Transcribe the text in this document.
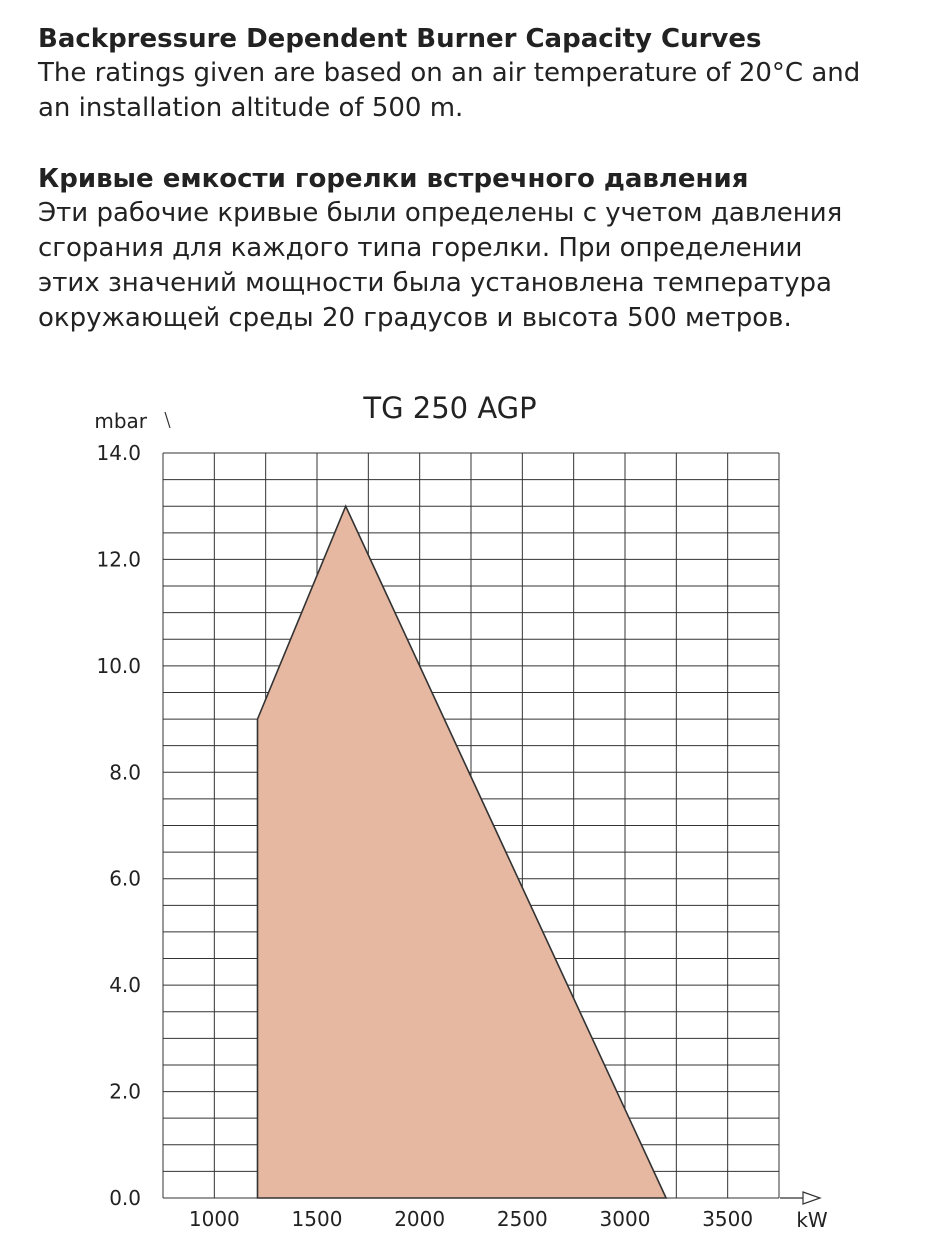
Backpressure Dependent Burner Capacity Curves
The ratings given are based on an air temperature of 20°C and
an installation altitude of 500 m.
Кривые емкости горелки встречного давления
Эти рабочие кривые были определены с учетом давления
сгорания для каждого типа горелки. При определении
этих значений мощности была установлена температура
окружающей среды 20 градусов и высота 500 метров.
TG 250 AGP
mbar
0.0
2.0
4.0
6.0
8.0
10.0
12.0
14.0
1000	1500	2000	2500	3000	3500 kW
